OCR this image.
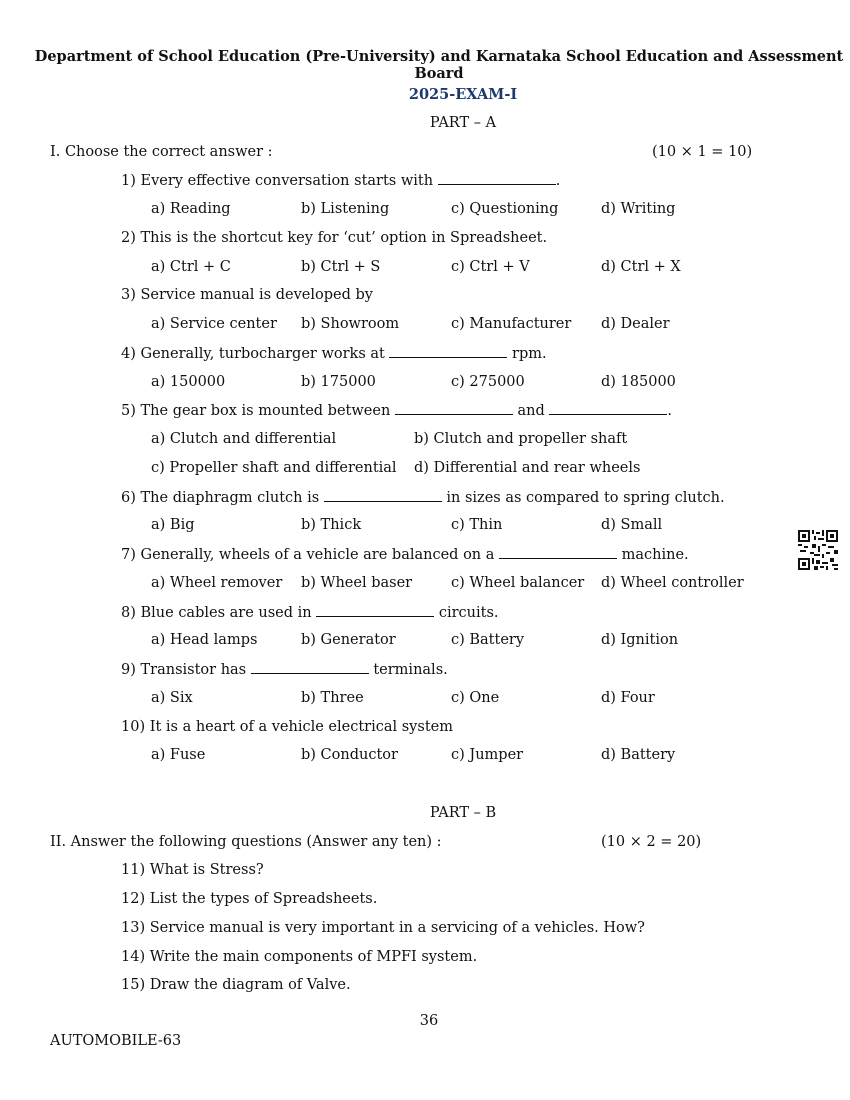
Department of School Education (Pre-University) and Karnataka School Education and Assessment Board
2025-EXAM-I
PART – A
I. Choose the correct answer :	(10 × 1 = 10)
1) Every effective conversation starts with	.
a) Reading	b) Listening	c) Questioning	d) Writing
2) This is the shortcut key for ‘cut’ option in Spreadsheet.
a) Ctrl + C	b) Ctrl + S	c) Ctrl + V	d) Ctrl + X
3) Service manual is developed by
a) Service center b) Showroom	c) Manufacturer d) Dealer
4) Generally, turbocharger works at	rpm.
a) 150000	b) 175000	c) 275000	d) 185000
5) The gear box is mounted between	and	.
a) Clutch and differential	b) Clutch and propeller shaft
c) Propeller shaft and differential d) Differential and rear wheels
6) The diaphragm clutch is	in sizes as compared to spring clutch.
a) Big	b) Thick	c) Thin	d) Small
7) Generally, wheels of a vehicle are balanced on a	machine.
a) Wheel remover b) Wheel baser	c) Wheel balancer d) Wheel controller
8) Blue cables are used in	circuits.
a) Head lamps	b) Generator	c) Battery	d) Ignition
9) Transistor has	terminals.
a) Six	b) Three	c) One	d) Four
10) It is a heart of a vehicle electrical system
a) Fuse	b) Conductor	c) Jumper	d) Battery
PART – B
II. Answer the following questions (Answer any ten) :	(10 × 2 = 20)
11) What is Stress?
12) List the types of Spreadsheets.
13) Service manual is very important in a servicing of a vehicles. How?
14) Write the main components of MPFI system.
15) Draw the diagram of Valve.
36
AUTOMOBILE-63
